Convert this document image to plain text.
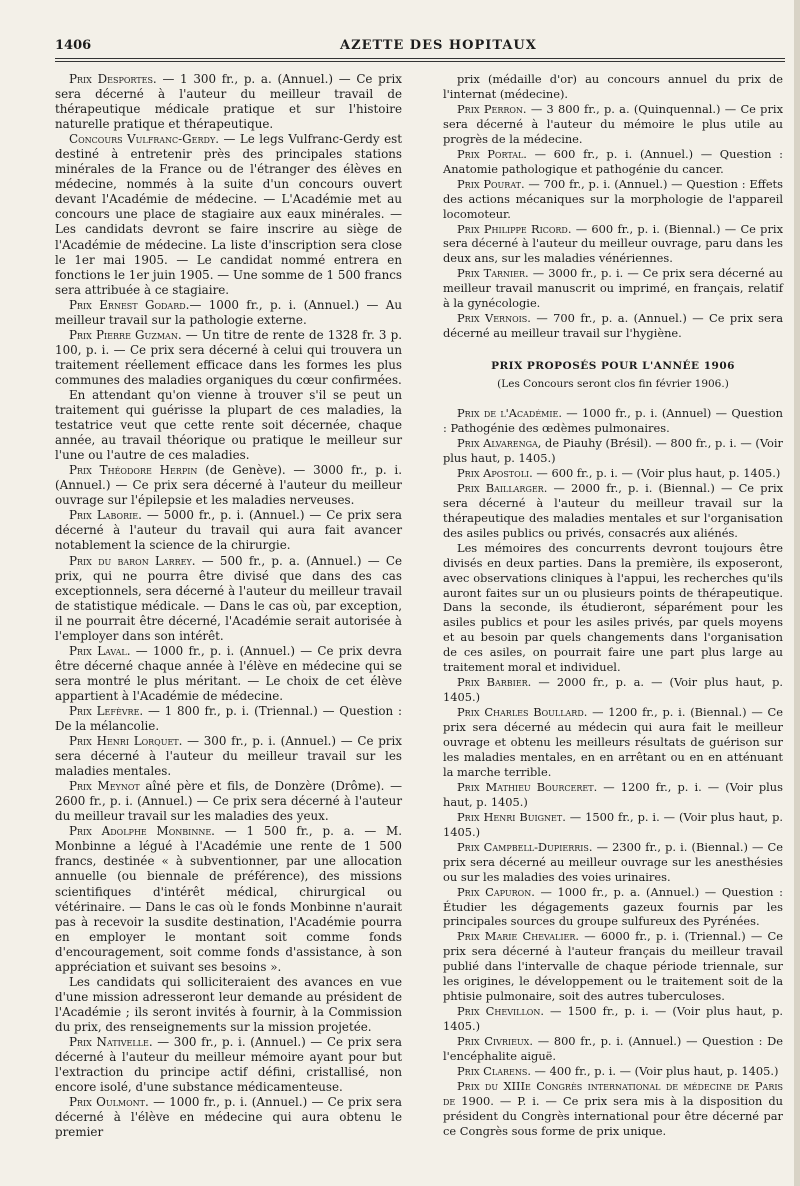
1406	AZETTE DES HOPITAUX

Prix Desportes. — 1 300 fr., p. a. (Annuel.) — Ce prix sera décerné à l'auteur du meilleur travail de thérapeutique médicale pratique et sur l'histoire naturelle pratique et thérapeutique.

Concours Vulfranc-Gerdy. — Le legs Vulfranc-Gerdy est destiné à entretenir près des principales stations minérales de la France ou de l'étranger des élèves en médecine, nommés à la suite d'un concours ouvert devant l'Académie de médecine. — L'Académie met au concours une place de stagiaire aux eaux minérales. — Les candidats devront se faire inscrire au siège de l'Académie de médecine. La liste d'inscription sera close le 1er mai 1905. — Le candidat nommé entrera en fonctions le 1er juin 1905. — Une somme de 1 500 francs sera attribuée à ce stagiaire.

Prix Ernest Godard.— 1000 fr., p. i. (Annuel.) — Au meilleur travail sur la pathologie externe.

Prix Pierre Guzman. — Un titre de rente de 1328 fr. 3 p. 100, p. i. — Ce prix sera décerné à celui qui trouvera un traitement réellement efficace dans les formes les plus communes des maladies organiques du cœur confirmées.

En attendant qu'on vienne à trouver s'il se peut un traitement qui guérisse la plupart de ces maladies, la testatrice veut que cette rente soit décernée, chaque année, au travail théorique ou pratique le meilleur sur l'une ou l'autre de ces maladies.

Prix Théodore Herpin (de Genève). — 3000 fr., p. i. (Annuel.) — Ce prix sera décerné à l'auteur du meilleur ouvrage sur l'épilepsie et les maladies nerveuses.

Prix Laborie. — 5000 fr., p. i. (Annuel.) — Ce prix sera décerné à l'auteur du travail qui aura fait avancer notablement la science de la chirurgie.

Prix du baron Larrey. — 500 fr., p. a. (Annuel.) — Ce prix, qui ne pourra être divisé que dans des cas exceptionnels, sera décerné à l'auteur du meilleur travail de statistique médicale. — Dans le cas où, par exception, il ne pourrait être décerné, l'Académie serait autorisée à l'employer dans son intérêt.

Prix Laval. — 1000 fr., p. i. (Annuel.) — Ce prix devra être décerné chaque année à l'élève en médecine qui se sera montré le plus méritant. — Le choix de cet élève appartient à l'Académie de médecine.

Prix Lefèvre. — 1 800 fr., p. i. (Triennal.) — Question : De la mélancolie.

Prix Henri Lorquet. — 300 fr., p. i. (Annuel.) — Ce prix sera décerné à l'auteur du meilleur travail sur les maladies mentales.

Prix Meynot aîné père et fils, de Donzère (Drôme). — 2600 fr., p. i. (Annuel.) — Ce prix sera décerné à l'auteur du meilleur travail sur les maladies des yeux.

Prix Adolphe Monbinne. — 1 500 fr., p. a. — M. Monbinne a légué à l'Académie une rente de 1 500 francs, destinée « à subventionner, par une allocation annuelle (ou biennale de préférence), des missions scientifiques d'intérêt médical, chirurgical ou vétérinaire. — Dans le cas où le fonds Monbinne n'aurait pas à recevoir la susdite destination, l'Académie pourra en employer le montant soit comme fonds d'encouragement, soit comme fonds d'assistance, à son appréciation et suivant ses besoins ».

Les candidats qui solliciteraient des avances en vue d'une mission adresseront leur demande au président de l'Académie ; ils seront invités à fournir, à la Commission du prix, des renseignements sur la mission projetée.

Prix Nativelle. — 300 fr., p. i. (Annuel.) — Ce prix sera décerné à l'auteur du meilleur mémoire ayant pour but l'extraction du principe actif défini, cristallisé, non encore isolé, d'une substance médicamenteuse.

Prix Oulmont. — 1000 fr., p. i. (Annuel.) — Ce prix sera décerné à l'élève en médecine qui aura obtenu le premier

prix (médaille d'or) au concours annuel du prix de l'internat (médecine).

Prix Perron. — 3 800 fr., p. a. (Quinquennal.) — Ce prix sera décerné à l'auteur du mémoire le plus utile au progrès de la médecine.

Prix Portal. — 600 fr., p. i. (Annuel.) — Question : Anatomie pathologique et pathogénie du cancer.

Prix Pourat. — 700 fr., p. i. (Annuel.) — Question : Effets des actions mécaniques sur la morphologie de l'appareil locomoteur.

Prix Philippe Ricord. — 600 fr., p. i. (Biennal.) — Ce prix sera décerné à l'auteur du meilleur ouvrage, paru dans les deux ans, sur les maladies vénériennes.

Prix Tarnier. — 3000 fr., p. i. — Ce prix sera décerné au meilleur travail manuscrit ou imprimé, en français, relatif à la gynécologie.

Prix Vernois. — 700 fr., p. a. (Annuel.) — Ce prix sera décerné au meilleur travail sur l'hygiène.

PRIX PROPOSÉS POUR L'ANNÉE 1906

(Les Concours seront clos fin février 1906.)

Prix de l'Académie. — 1000 fr., p. i. (Annuel) — Question : Pathogénie des œdèmes pulmonaires.

Prix Alvarenga, de Piauhy (Brésil). — 800 fr., p. i. — (Voir plus haut, p. 1405.)

Prix Apostoli. — 600 fr., p. i. — (Voir plus haut, p. 1405.)

Prix Baillarger. — 2000 fr., p. i. (Biennal.) — Ce prix sera décerné à l'auteur du meilleur travail sur la thérapeutique des maladies mentales et sur l'organisation des asiles publics ou privés, consacrés aux aliénés.

Les mémoires des concurrents devront toujours être divisés en deux parties. Dans la première, ils exposeront, avec observations cliniques à l'appui, les recherches qu'ils auront faites sur un ou plusieurs points de thérapeutique. Dans la seconde, ils étudieront, séparément pour les asiles publics et pour les asiles privés, par quels moyens et au besoin par quels changements dans l'organisation de ces asiles, on pourrait faire une part plus large au traitement moral et individuel.

Prix Barbier. — 2000 fr., p. a. — (Voir plus haut, p. 1405.)

Prix Charles Boullard. — 1200 fr., p. i. (Biennal.) — Ce prix sera décerné au médecin qui aura fait le meilleur ouvrage et obtenu les meilleurs résultats de guérison sur les maladies mentales, en en arrêtant ou en en atténuant la marche terrible.

Prix Mathieu Bourceret. — 1200 fr., p. i. — (Voir plus haut, p. 1405.)

Prix Henri Buignet. — 1500 fr., p. i. — (Voir plus haut, p. 1405.)

Prix Campbell-Dupierris. — 2300 fr., p. i. (Biennal.) — Ce prix sera décerné au meilleur ouvrage sur les anesthésies ou sur les maladies des voies urinaires.

Prix Capuron. — 1000 fr., p. a. (Annuel.) — Question : Étudier les dégagements gazeux fournis par les principales sources du groupe sulfureux des Pyrénées.

Prix Marie Chevalier. — 6000 fr., p. i. (Triennal.) — Ce prix sera décerné à l'auteur français du meilleur travail publié dans l'intervalle de chaque période triennale, sur les origines, le développement ou le traitement soit de la phtisie pulmonaire, soit des autres tuberculoses.

Prix Chevillon. — 1500 fr., p. i. — (Voir plus haut, p. 1405.)

Prix Civrieux. — 800 fr., p. i. (Annuel.) — Question : De l'encéphalite aiguë.

Prix Clarens. — 400 fr., p. i. — (Voir plus haut, p. 1405.)

Prix du XIIIe Congrès international de médecine de Paris de 1900. — P. i. — Ce prix sera mis à la disposition du président du Congrès international pour être décerné par ce Congrès sous forme de prix unique.
